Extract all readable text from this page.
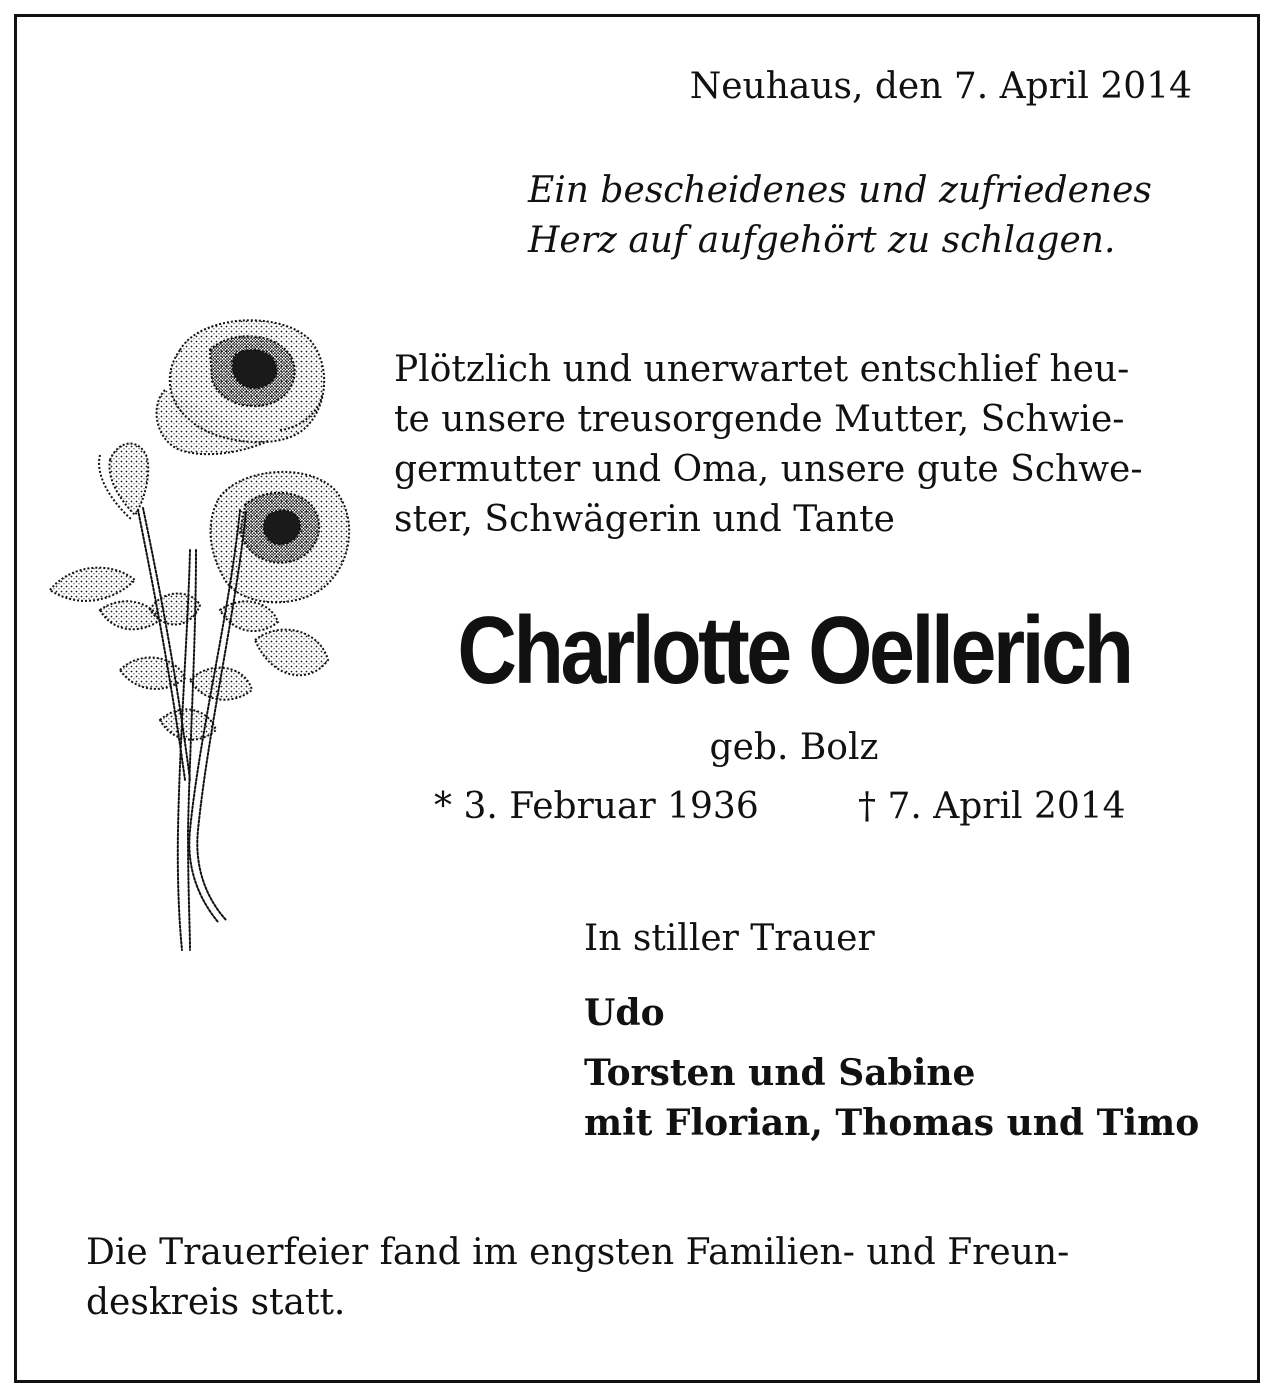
Neuhaus, den 7. April 2014

Ein bescheidenes und zufriedenes
Herz auf aufgehört zu schlagen.
Plötzlich und unerwartet entschlief heu-
te unsere treusorgende Mutter, Schwie-
germutter und Oma, unsere gute Schwe-
ster, Schwägerin und Tante

Charlotte Oellerich

geb. Bolz

* 3. Februar 1936	† 7. April 2014

In stiller Trauer

Udo

Torsten und Sabine

mit Florian, Thomas und Timo

Die Trauerfeier fand im engsten Familien- und Freun-
deskreis statt.
